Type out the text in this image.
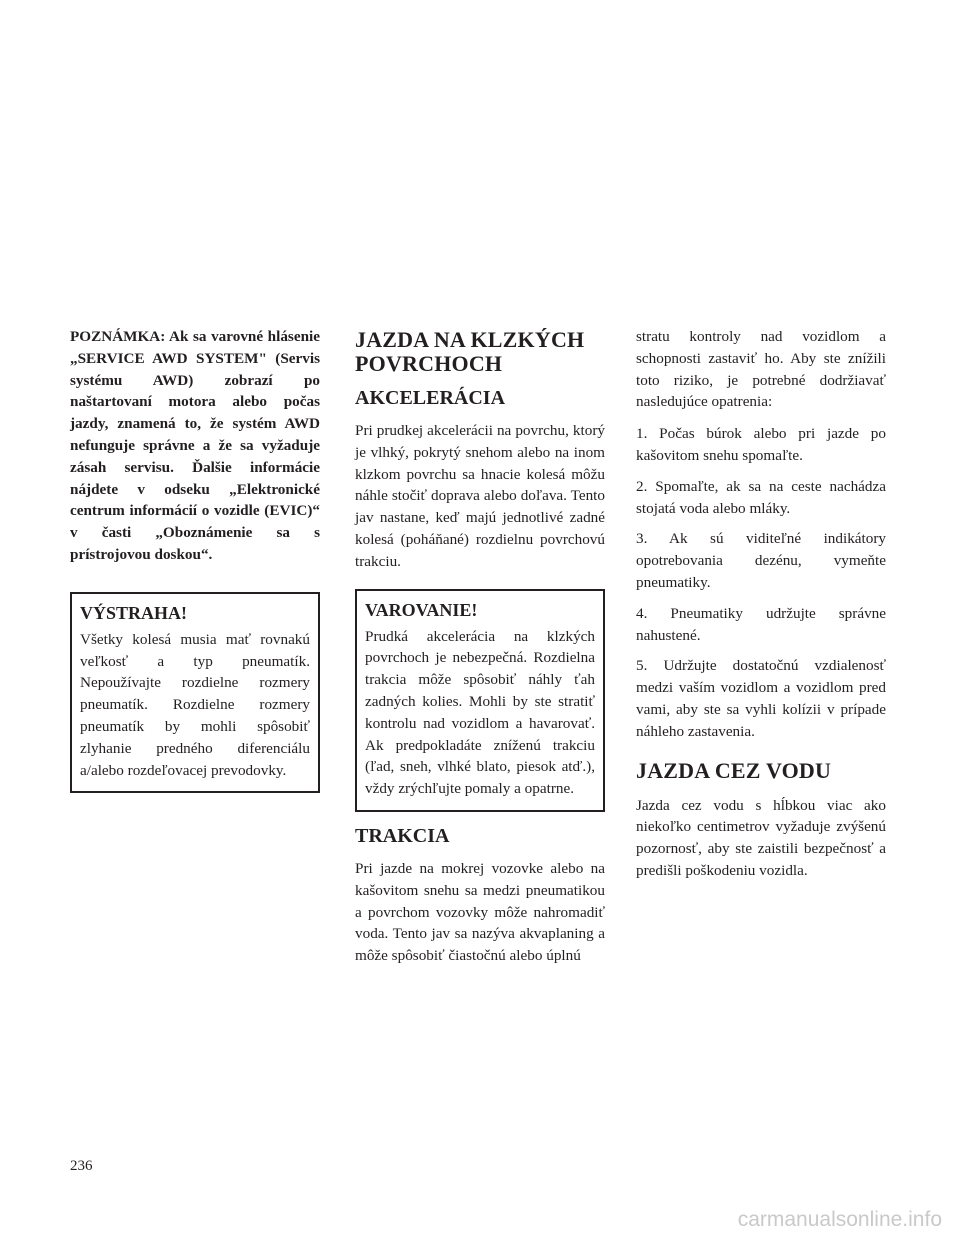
POZNÁMKA: Ak sa varovné hlásenie „SERVICE AWD SYSTEM" (Servis systému AWD) zobrazí po naštartovaní motora alebo počas jazdy, znamená to, že systém AWD nefunguje správne a že sa vyžaduje zásah servisu. Ďalšie informácie nájdete v odseku „Elektronické centrum informácií o vozidle (EVIC)“ v časti „Oboznámenie sa s prístrojovou doskou“.

VÝSTRAHA!

Všetky kolesá musia mať rovnakú veľkosť a typ pneumatík. Nepoužívajte rozdielne rozmery pneumatík. Rozdielne rozmery pneumatík by mohli spôsobiť zlyhanie predného diferenciálu a/alebo rozdeľovacej prevodovky.

JAZDA NA KLZKÝCH POVRCHOCH
AKCELERÁCIA

Pri prudkej akcelerácii na povrchu, ktorý je vlhký, pokrytý snehom alebo na inom klzkom povrchu sa hnacie kolesá môžu náhle stočiť doprava alebo doľava. Tento jav nastane, keď majú jednotlivé zadné kolesá (poháňané) rozdielnu povrchovú trakciu.

VAROVANIE!

Prudká akcelerácia na klzkých povrchoch je nebezpečná. Rozdielna trakcia môže spôsobiť náhly ťah zadných kolies. Mohli by ste stratiť kontrolu nad vozidlom a havarovať. Ak predpokladáte zníženú trakciu (ľad, sneh, vlhké blato, piesok atď.), vždy zrýchľujte pomaly a opatrne.

TRAKCIA

Pri jazde na mokrej vozovke alebo na kašovitom snehu sa medzi pneumatikou a povrchom vozovky môže nahromadiť voda. Tento jav sa nazýva akvaplaning a môže spôsobiť čiastočnú alebo úplnú

stratu kontroly nad vozidlom a schopnosti zastaviť ho. Aby ste znížili toto riziko, je potrebné dodržiavať nasledujúce opatrenia:

1. Počas búrok alebo pri jazde po kašovitom snehu spomaľte.

2. Spomaľte, ak sa na ceste nachádza stojatá voda alebo mláky.

3. Ak sú viditeľné indikátory opotrebovania dezénu, vymeňte pneumatiky.

4. Pneumatiky udržujte správne nahustené.

5. Udržujte dostatočnú vzdialenosť medzi vaším vozidlom a vozidlom pred vami, aby ste sa vyhli kolízii v prípade náhleho zastavenia.

JAZDA CEZ VODU

Jazda cez vodu s hĺbkou viac ako niekoľko centimetrov vyžaduje zvýšenú pozornosť, aby ste zaistili bezpečnosť a predišli poškodeniu vozidla.

236
carmanualsonline.info
